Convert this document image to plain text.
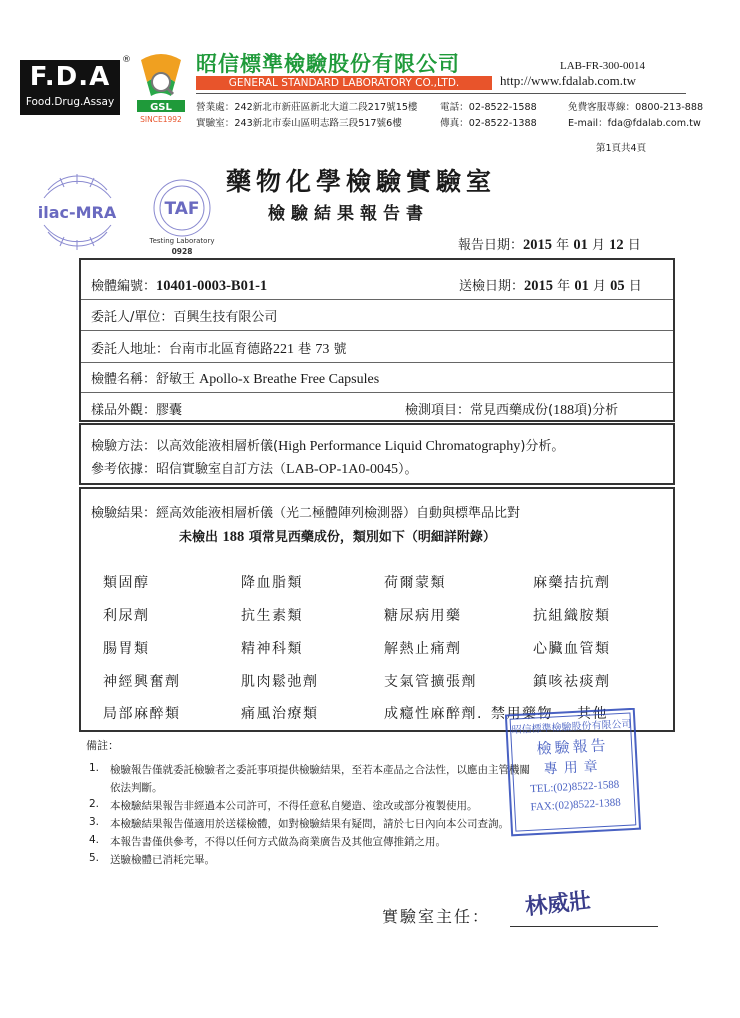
F.D.A
Food.Drug.Assay
®
GSL
SINCE1992
昭信標準檢驗股份有限公司
GENERAL STANDARD LABORATORY CO.,LTD.
LAB-FR-300-0014
http://www.fdalab.com.tw
營業處：242新北市新莊區新北大道二段217號15樓
實驗室：243新北市泰山區明志路三段517號6樓
電話：02-8522-1588
傳真：02-8522-1388
免費客服專線：0800-213-888
E-mail：fda@fdalab.com.tw
第1頁共4頁
ilac-MRA	TAF
Testing Laboratory
0928
藥物化學檢驗實驗室
檢驗結果報告書
報告日期：2015 年 01 月 12 日
檢體編號：10401-0003-B01-1	送檢日期：2015 年 01 月 05 日
委託人/單位：百興生技有限公司
委託人地址：台南市北區育德路221 巷 73 號
檢體名稱：舒敏王 Apollo-x Breathe Free Capsules
樣品外觀：膠囊	檢測項目：常見西藥成份(188項)分析
檢驗方法：以高效能液相層析儀(High Performance Liquid Chromatography)分析。
參考依據：昭信實驗室自訂方法（LAB-OP-1A0-0045）。
檢驗結果：經高效能液相層析儀（光二極體陣列檢測器）自動與標準品比對
未檢出 188 項常見西藥成份，類別如下（明細詳附錄）
類固醇	降血脂類	荷爾蒙類	麻藥拮抗劑
利尿劑	抗生素類	糖尿病用藥	抗組織胺類
腸胃類	精神科類	解熱止痛劑	心臟血管類
神經興奮劑	肌肉鬆弛劑	支氣管擴張劑	鎮咳祛痰劑
局部麻醉類	痛風治療類	成癮性麻醉劑. 禁用藥物 其他
備註：
1. 檢驗報告僅就委託檢驗者之委託事項提供檢驗結果，至若本產品之合法性，以應由主管機關
依法判斷。
2. 本檢驗結果報告非經過本公司許可，不得任意私自變造、塗改或部分複製使用。
3. 本檢驗結果報告僅適用於送樣檢體，如對檢驗結果有疑問，請於七日內向本公司查詢。
4. 本報告書僅供參考，不得以任何方式做為商業廣告及其他宣傳推銷之用。
5. 送驗檢體已消耗完畢。
昭信標準檢驗股份有限公司
檢驗報告
專用章
TEL:(02)8522-1588
FAX:(02)8522-1388
實驗室主任： 林威壯
